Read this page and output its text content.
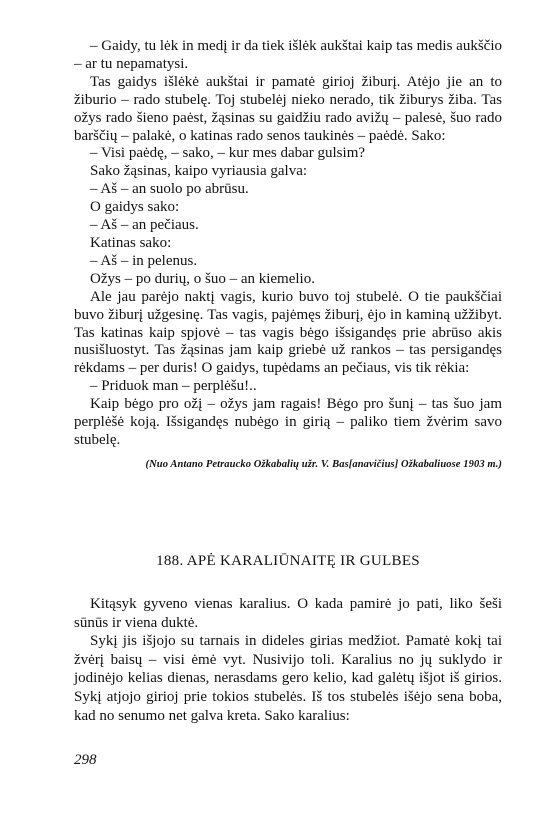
– Gaidy, tu lėk in medį ir da tiek išlėk aukštai kaip tas medis aukščio – ar tu nepamatysi.

Tas gaidys išlėkė aukštai ir pamatė girioj žiburį. Atėjo jie an to žiburio – rado stubelę. Toj stubelėj nieko nerado, tik žiburys žiba. Tas ožys rado šieno paėst, žąsinas su gaidžiu rado avižų – palesė, šuo rado barščių – palakė, o katinas rado senos taukinės – paėdė. Sako:

– Visi paėdę, – sako, – kur mes dabar gulsim?

Sako žąsinas, kaipo vyriausia galva:

– Aš – an suolo po abrūsu.

O gaidys sako:

– Aš – an pečiaus.

Katinas sako:

– Aš – in pelenus.

Ožys – po durių, o šuo – an kiemelio.

Ale jau parėjo naktį vagis, kurio buvo toj stubelė. O tie paukščiai buvo žiburį užgesinę. Tas vagis, pajėmęs žiburį, ėjo in kaminą užžibyt. Tas katinas kaip spjovė – tas vagis bėgo išsigandęs prie abrūso akis nusišluostyt. Tas žąsinas jam kaip griebė už rankos – tas persigandęs rėkdams – per duris! O gaidys, tupėdams an pečiaus, vis tik rėkia:

– Priduok man – perplėšu!..

Kaip bėgo pro ožį – ožys jam ragais! Bėgo pro šunį – tas šuo jam perplėšė koją. Išsigandęs nubėgo in girią – paliko tiem žvėrim savo stubelę.

(Nuo Antano Petraucko Ožkabalių užr. V. Bas[anavičius] Ožkabaliuose 1903 m.)
188. APĖ KARALIŪNAITĘ IR GULBES

Kitąsyk gyveno vienas karalius. O kada pamirė jo pati, liko šeši sūnūs ir viena duktė.

Sykį jis išjojo su tarnais in dideles girias medžiot. Pamatė kokį tai žvėrį baisų – visi ėmė vyt. Nusivijo toli. Karalius no jų suklydo ir jodinėjo kelias dienas, nerasdams gero kelio, kad galėtų išjot iš girios. Sykį atjojo girioj prie tokios stubelės. Iš tos stubelės išėjo sena boba, kad no senumo net galva kreta. Sako karalius:

298
